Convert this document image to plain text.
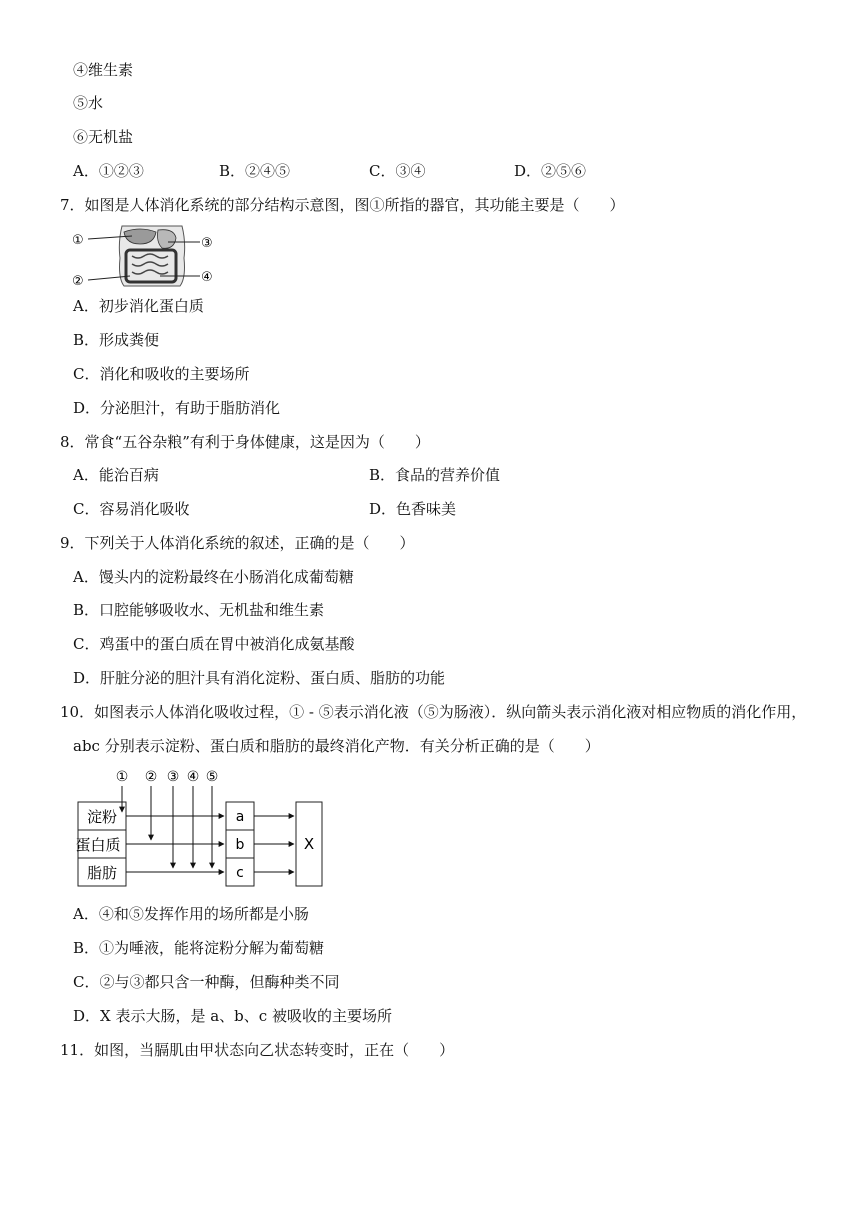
④维生素
⑤水
⑥无机盐
A．①②③	B．②④⑤	C．③④	D．②⑤⑥
7．如图是人体消化系统的部分结构示意图，图①所指的器官，其功能主要是（　　）
①
②
③
④
A．初步消化蛋白质
B．形成粪便
C．消化和吸收的主要场所
D．分泌胆汁，有助于脂肪消化
8．常食“五谷杂粮”有利于身体健康，这是因为（　　）
A．能治百病	B．食品的营养价值
C．容易消化吸收	D．色香味美
9．下列关于人体消化系统的叙述，正确的是（　　）
A．馒头内的淀粉最终在小肠消化成葡萄糖
B．口腔能够吸收水、无机盐和维生素
C．鸡蛋中的蛋白质在胃中被消化成氨基酸
D．肝脏分泌的胆汁具有消化淀粉、蛋白质、脂肪的功能
10．如图表示人体消化吸收过程，① - ⑤表示消化液（⑤为肠液）．纵向箭头表示消化液对相应物质的消化作用，
abc 分别表示淀粉、蛋白质和脂肪的最终消化产物．有关分析正确的是（　　）
① ② ③ ④ ⑤
淀粉
蛋白质
脂肪
a
b
c
X
A．④和⑤发挥作用的场所都是小肠
B．①为唾液，能将淀粉分解为葡萄糖
C．②与③都只含一种酶，但酶种类不同
D．X 表示大肠，是 a、b、c 被吸收的主要场所
11．如图，当膈肌由甲状态向乙状态转变时，正在（　　）
